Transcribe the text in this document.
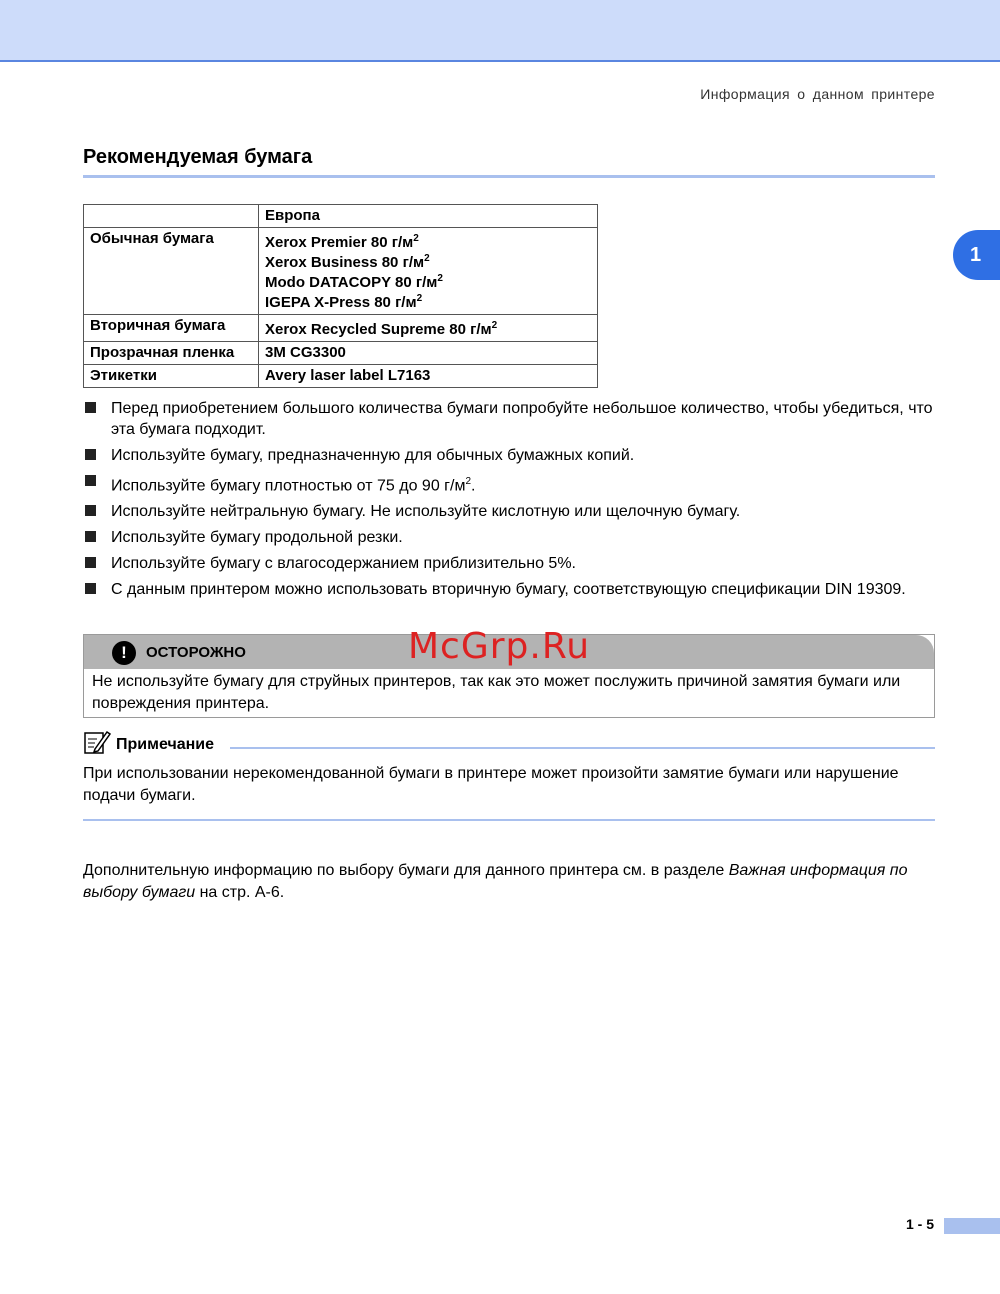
Информация о данном принтере
1
Рекомендуемая бумага
	Европа
Обычная бумага	Xerox Premier 80 $г/м^2$
Xerox Business 80 $г/м^2$
Modo DATACOPY 80 $г/м^2$
IGEPA X-Press 80 $г/м^2$

Вторичная бумага	Xerox Recycled Supreme 80 $г/м^2$
Прозрачная пленка	3M CG3300
Этикетки	Avery laser label L7163
Перед приобретением большого количества бумаги попробуйте небольшое количество, чтобы убедиться, что эта бумага подходит.
Используйте бумагу, предназначенную для обычных бумажных копий.
Используйте бумагу плотностью от 75 до 90 $г/м^2$.
Используйте нейтральную бумагу. Не используйте кислотную или щелочную бумагу.
Используйте бумагу продольной резки.
Используйте бумагу с влагосодержанием приблизительно 5%.
С данным принтером можно использовать вторичную бумагу, соответствующую спецификации DIN 19309.
!	ОСТОРОЖНО
Не используйте бумагу для струйных принтеров, так как это может послужить причиной замятия бумаги или повреждения принтера.
McGrp.Ru
Примечание
При использовании нерекомендованной бумаги в принтере может произойти замятие бумаги или нарушение подачи бумаги.
Дополнительную информацию по выбору бумаги для данного принтера см. в разделе Важная информация по выбору бумаги на стр. A-6.
1 - 5
